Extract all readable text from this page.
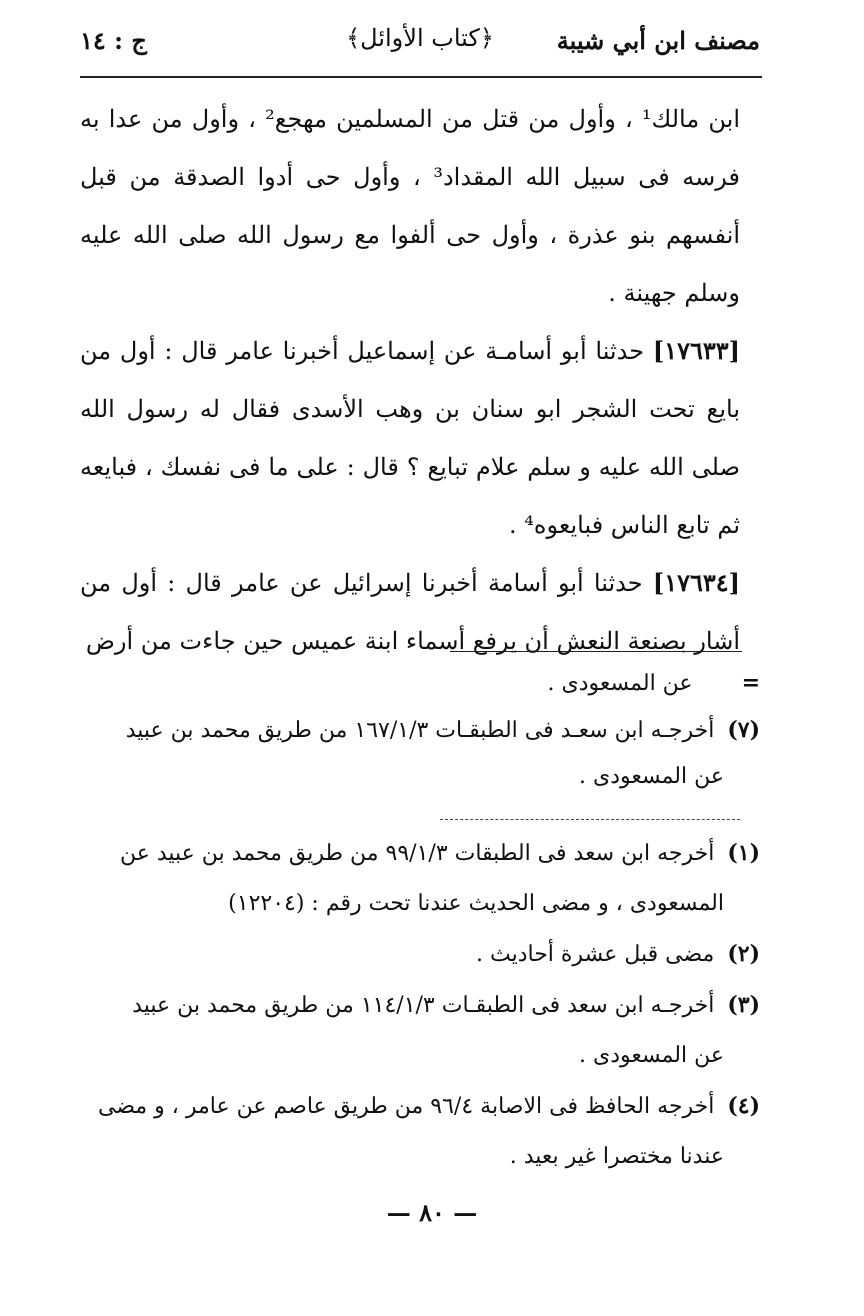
مصنف ابن أبي شيبة
﴿كتاب الأوائل﴾
ج : ١٤

ابن مالك¹ ، وأول من قتل من المسلمين مهجع² ، وأول من عدا به فرسه فى سبيل الله المقداد³ ، وأول حى أدوا الصدقة من قبل أنفسهم بنو عذرة ، وأول حى ألفوا مع رسول الله صلى الله عليه وسلم جهينة .

[١٧٦٣٣] حدثنا أبو أسامـة عن إسماعيل أخبرنا عامر قال : أول من بايع تحت الشجر ابو سنان بن وهب الأسدى فقال له رسول الله صلى الله عليه و سلم علام تبايع ؟ قال : على ما فى نفسك ، فبايعه ثم تابع الناس فبايعوه⁴ .

[١٧٦٣٤] حدثنا أبو أسامة أخبرنا إسرائيل عن عامر قال : أول من أشار بصنعة النعش أن يرفع أسماء ابنة عميس حين جاءت من أرض

= عن المسعودى .

(٧) أخرجـه ابن سعـد فى الطبقـات ١٦٧/١/٣ من طريق محمد بن عبيد

عن المسعودى .

(١) أخرجه ابن سعد فى الطبقات ٩٩/١/٣ من طريق محمد بن عبيد عن

المسعودى ، و مضى الحديث عندنا تحت رقم : (١٢٢٠٤)

(٢) مضى قبل عشرة أحاديث .

(٣) أخرجـه ابن سعد فى الطبقـات ١١٤/١/٣ من طريق محمد بن عبيد

عن المسعودى .

(٤) أخرجه الحافظ فى الاصابة ٩٦/٤ من طريق عاصم عن عامر ، و مضى

عندنا مختصرا غير بعيد .

— ٨٠ —
